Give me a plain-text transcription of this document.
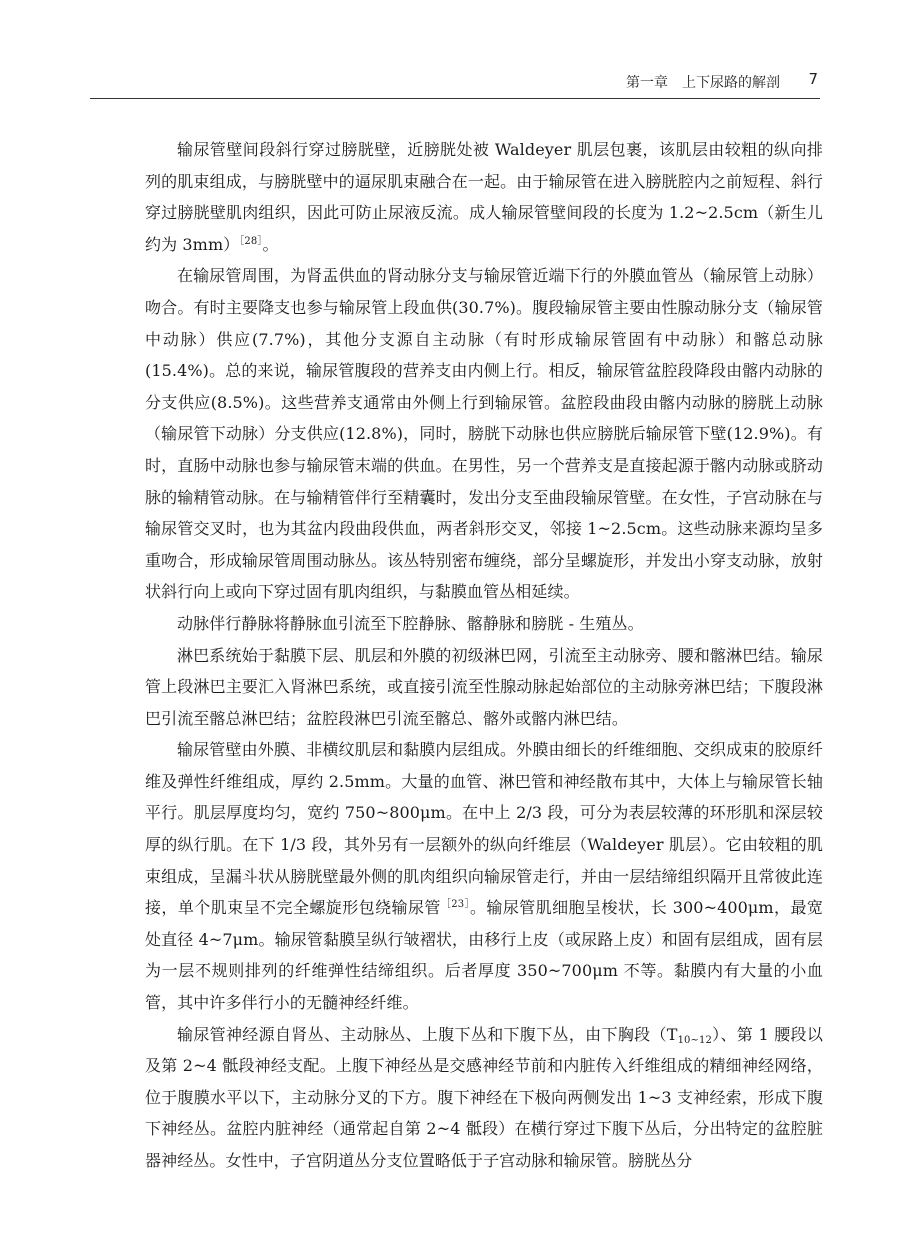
第一章　上下尿路的解剖 7

输尿管壁间段斜行穿过膀胱壁，近膀胱处被 Waldeyer 肌层包裹，该肌层由较粗的纵向排列的肌束组成，与膀胱壁中的逼尿肌束融合在一起。由于输尿管在进入膀胱腔内之前短程、斜行穿过膀胱壁肌肉组织，因此可防止尿液反流。成人输尿管壁间段的长度为 1.2~2.5cm（新生儿约为 3mm）$^{[28]}$。

在输尿管周围，为肾盂供血的肾动脉分支与输尿管近端下行的外膜血管丛（输尿管上动脉）吻合。有时主要降支也参与输尿管上段血供(30.7%)。腹段输尿管主要由性腺动脉分支（输尿管中动脉）供应(7.7%)，其他分支源自主动脉（有时形成输尿管固有中动脉）和髂总动脉(15.4%)。总的来说，输尿管腹段的营养支由内侧上行。相反，输尿管盆腔段降段由髂内动脉的分支供应(8.5%)。这些营养支通常由外侧上行到输尿管。盆腔段曲段由髂内动脉的膀胱上动脉（输尿管下动脉）分支供应(12.8%)，同时，膀胱下动脉也供应膀胱后输尿管下壁(12.9%)。有时，直肠中动脉也参与输尿管末端的供血。在男性，另一个营养支是直接起源于髂内动脉或脐动脉的输精管动脉。在与输精管伴行至精囊时，发出分支至曲段输尿管壁。在女性，子宫动脉在与输尿管交叉时，也为其盆内段曲段供血，两者斜形交叉，邻接 1~2.5cm。这些动脉来源均呈多重吻合，形成输尿管周围动脉丛。该丛特别密布缠绕，部分呈螺旋形，并发出小穿支动脉，放射状斜行向上或向下穿过固有肌肉组织，与黏膜血管丛相延续。

动脉伴行静脉将静脉血引流至下腔静脉、髂静脉和膀胱 - 生殖丛。

淋巴系统始于黏膜下层、肌层和外膜的初级淋巴网，引流至主动脉旁、腰和髂淋巴结。输尿管上段淋巴主要汇入肾淋巴系统，或直接引流至性腺动脉起始部位的主动脉旁淋巴结；下腹段淋巴引流至髂总淋巴结；盆腔段淋巴引流至髂总、髂外或髂内淋巴结。

输尿管壁由外膜、非横纹肌层和黏膜内层组成。外膜由细长的纤维细胞、交织成束的胶原纤维及弹性纤维组成，厚约 2.5mm。大量的血管、淋巴管和神经散布其中，大体上与输尿管长轴平行。肌层厚度均匀，宽约 750~800μm。在中上 2/3 段，可分为表层较薄的环形肌和深层较厚的纵行肌。在下 1/3 段，其外另有一层额外的纵向纤维层（Waldeyer 肌层）。它由较粗的肌束组成，呈漏斗状从膀胱壁最外侧的肌肉组织向输尿管走行，并由一层结缔组织隔开且常彼此连接，单个肌束呈不完全螺旋形包绕输尿管$^{[23]}$。输尿管肌细胞呈梭状，长 300~400μm，最宽处直径 4~7μm。输尿管黏膜呈纵行皱褶状，由移行上皮（或尿路上皮）和固有层组成，固有层为一层不规则排列的纤维弹性结缔组织。后者厚度 350~700μm 不等。黏膜内有大量的小血管，其中许多伴行小的无髓神经纤维。

输尿管神经源自肾丛、主动脉丛、上腹下丛和下腹下丛，由下胸段$(T_{10\sim 12})$、第 1 腰段以及第 2~4 骶段神经支配。上腹下神经丛是交感神经节前和内脏传入纤维组成的精细神经网络，位于腹膜水平以下，主动脉分叉的下方。腹下神经在下极向两侧发出 1~3 支神经索，形成下腹下神经丛。盆腔内脏神经（通常起自第 2~4 骶段）在横行穿过下腹下丛后，分出特定的盆腔脏器神经丛。女性中，子宫阴道丛分支位置略低于子宫动脉和输尿管。膀胱丛分
